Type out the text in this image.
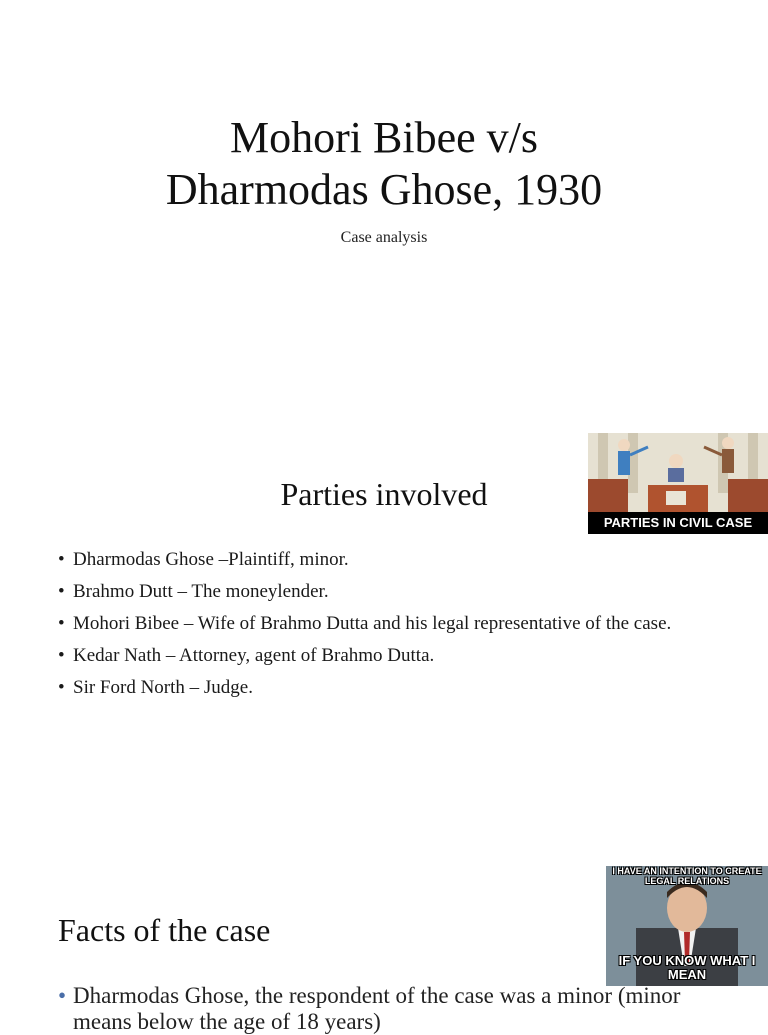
Mohori Bibee v/s
Dharmodas Ghose, 1930
Case analysis
PARTIES IN CIVIL CASE
Parties involved
• Dharmodas Ghose –Plaintiff, minor.
• Brahmo Dutt – The moneylender.
• Mohori Bibee – Wife of Brahmo Dutta and his legal representative of the case.
• Kedar Nath – Attorney, agent of Brahmo Dutta.
• Sir Ford North – Judge.
I HAVE AN INTENTION TO CREATE LEGAL RELATIONS
IF YOU KNOW WHAT I MEAN
Facts of the case
• Dharmodas Ghose, the respondent of the case was a minor (minor means below the age of 18 years)
